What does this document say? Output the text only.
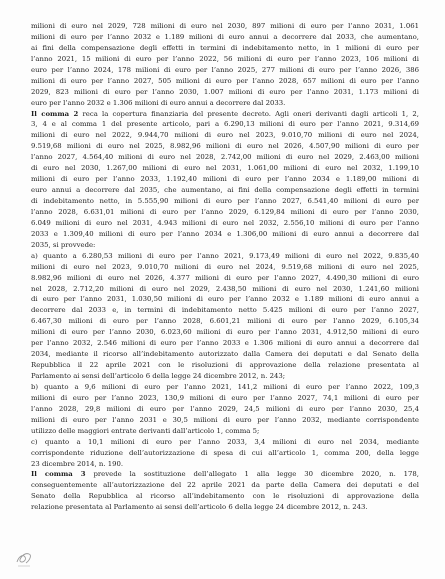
milioni di euro nel 2029, 728 milioni di euro nel 2030, 897 milioni di euro per l’anno 2031, 1.061
milioni di euro per l’anno 2032 e 1.189 milioni di euro annui a decorrere dal 2033, che aumentano,
ai fini della compensazione degli effetti in termini di indebitamento netto, in 1 milioni di euro per
l’anno 2021, 15 milioni di euro per l’anno 2022, 56 milioni di euro per l’anno 2023, 106 milioni di
euro per l’anno 2024, 178 milioni di euro per l’anno 2025, 277 milioni di euro per l’anno 2026, 386
milioni di euro per l’anno 2027, 505 milioni di euro per l’anno 2028, 657 milioni di euro per l’anno
2029, 823 milioni di euro per l’anno 2030, 1.007 milioni di euro per l’anno 2031, 1.173 milioni di
euro per l’anno 2032 e 1.306 milioni di euro annui a decorrere dal 2033.
Il comma 2 reca la copertura finanziaria del presente decreto. Agli oneri derivanti dagli articoli 1, 2,
3, 4 e al comma 1 del presente articolo, pari a 6.290,13 milioni di euro per l’anno 2021, 9.314,69
milioni di euro nel 2022, 9.944,70 milioni di euro nel 2023, 9.010,70 milioni di euro nel 2024,
9.519,68 milioni di euro nel 2025, 8.982,96 milioni di euro nel 2026, 4.507,90 milioni di euro per
l’anno 2027, 4.564,40 milioni di euro nel 2028, 2.742,00 milioni di euro nel 2029, 2.463,00 milioni
di euro nel 2030, 1.267,00 milioni di euro nel 2031, 1.061,00 milioni di euro nel 2032, 1.199,10
milioni di euro per l’anno 2033, 1.192,40 milioni di euro per l’anno 2034 e 1.189,00 milioni di
euro annui a decorrere dal 2035, che aumentano, ai fini della compensazione degli effetti in termini
di indebitamento netto, in 5.555,90 milioni di euro per l’anno 2027, 6.541,40 milioni di euro per
l’anno 2028, 6.631,01 milioni di euro per l’anno 2029, 6.129,84 milioni di euro per l’anno 2030,
6.049 milioni di euro nel 2031, 4.943 milioni di euro nel 2032, 2.556,10 milioni di euro per l’anno
2033 e 1.309,40 milioni di euro per l’anno 2034 e 1.306,00 milioni di euro annui a decorrere dal
2035, si provvede:
a) quanto a 6.280,53 milioni di euro per l’anno 2021, 9.173,49 milioni di euro nel 2022, 9.835,40
milioni di euro nel 2023, 9.010,70 milioni di euro nel 2024, 9.519,68 milioni di euro nel 2025,
8.982,96 milioni di euro nel 2026, 4.377 milioni di euro per l’anno 2027, 4.490,30 milioni di euro
nel 2028, 2.712,20 milioni di euro nel 2029, 2.438,50 milioni di euro nel 2030, 1.241,60 milioni
di euro per l’anno 2031, 1.030,50 milioni di euro per l’anno 2032 e 1.189 milioni di euro annui a
decorrere dal 2033 e, in termini di indebitamento netto 5.425 milioni di euro per l’anno 2027,
6.467,30 milioni di euro per l’anno 2028, 6.601,21 milioni di euro per l’anno 2029, 6.105,34
milioni di euro per l’anno 2030, 6.023,60 milioni di euro per l’anno 2031, 4.912,50 milioni di euro
per l’anno 2032, 2.546 milioni di euro per l’anno 2033 e 1.306 milioni di euro annui a decorrere dal
2034, mediante il ricorso all’indebitamento autorizzato dalla Camera dei deputati e dal Senato della
Repubblica il 22 aprile 2021 con le risoluzioni di approvazione della relazione presentata al
Parlamento ai sensi dell’articolo 6 della legge 24 dicembre 2012, n. 243;
b) quanto a 9,6 milioni di euro per l’anno 2021, 141,2 milioni di euro per l’anno 2022, 109,3
milioni di euro per l’anno 2023, 130,9 milioni di euro per l’anno 2027, 74,1 milioni di euro per
l’anno 2028, 29,8 milioni di euro per l’anno 2029, 24,5 milioni di euro per l’anno 2030, 25,4
milioni di euro per l’anno 2031 e 30,5 milioni di euro per l’anno 2032, mediante corrispondente
utilizzo delle maggiori entrate derivanti dall’articolo 1, comma 5;
c) quanto a 10,1 milioni di euro per l’anno 2033, 3,4 milioni di euro nel 2034, mediante
corrispondente riduzione dell’autorizzazione di spesa di cui all’articolo 1, comma 200, della legge
23 dicembre 2014, n. 190.
Il comma 3 prevede la sostituzione dell’allegato 1 alla legge 30 dicembre 2020, n. 178,
conseguentemente all’autorizzazione del 22 aprile 2021 da parte della Camera dei deputati e del
Senato della Repubblica al ricorso all’indebitamento con le risoluzioni di approvazione della
relazione presentata al Parlamento ai sensi dell’articolo 6 della legge 24 dicembre 2012, n. 243.
